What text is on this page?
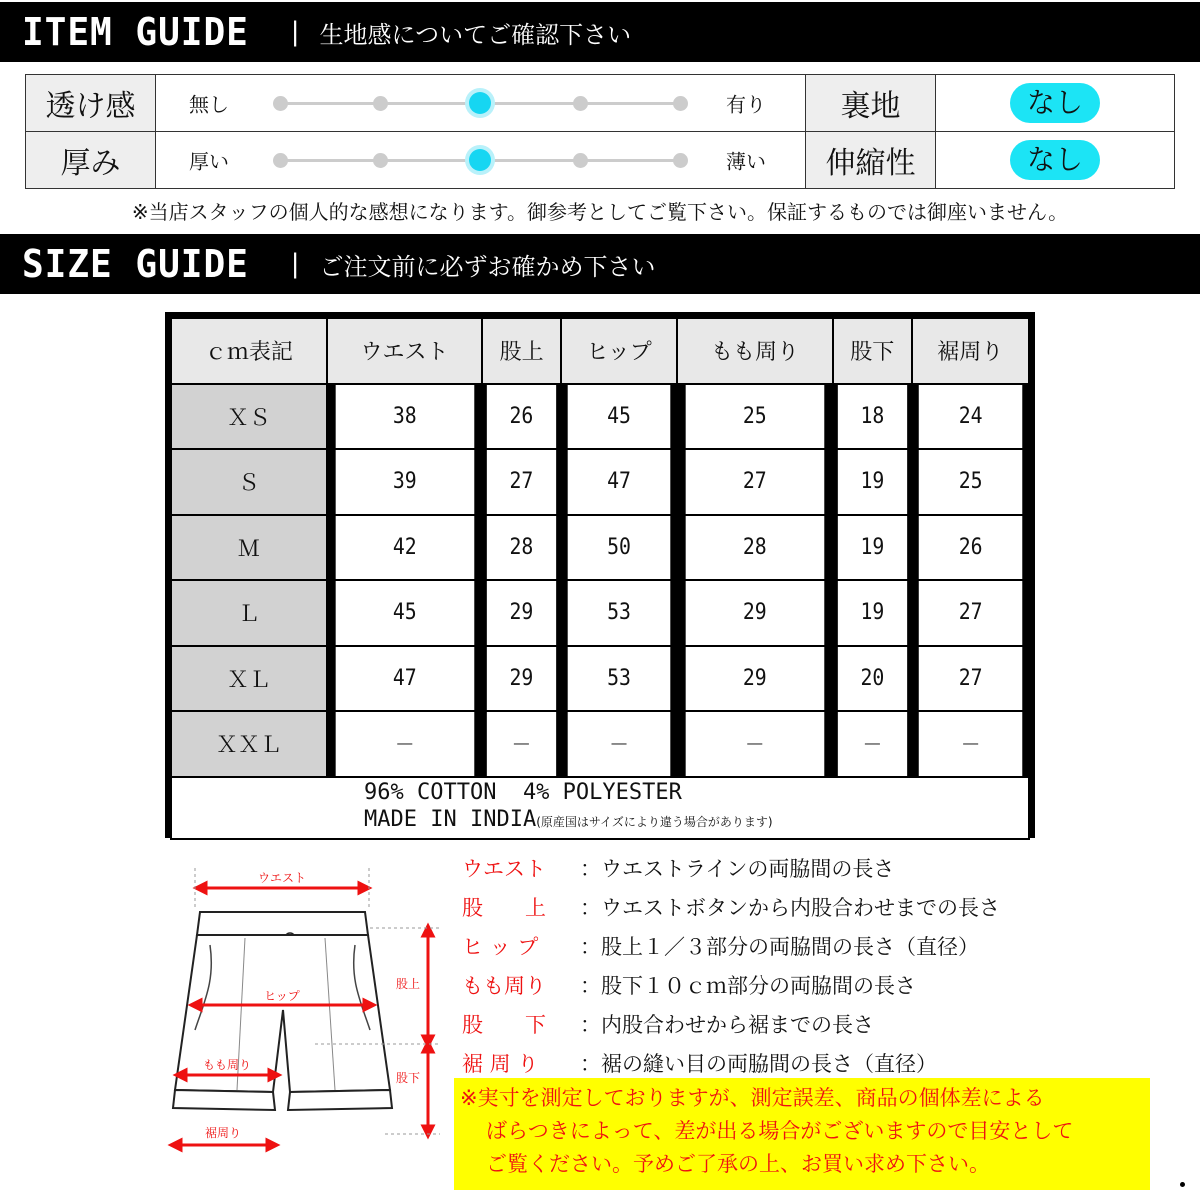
ITEM GUIDE | 生地感についてご確認下さい
透け感	無し 有り	裏地	なし
厚み	厚い 薄い	伸縮性	なし
※当店スタッフの個人的な感想になります。御参考としてご覧下さい。保証するものでは御座いません。
SIZE GUIDE | ご注文前に必ずお確かめ下さい
ｃｍ表記	ウエスト	股上	ヒップ	もも周り	股下	裾周り
ＸＳ	38	26	45	25	18	24
Ｓ	39	27	47	27	19	25
Ｍ	42	28	50	28	19	26
Ｌ	45	29	53	29	19	27
ＸＬ	47	29	53	29	20	27
ＸＸＬ	－	－	－	－	－	－

96% COTTON  4% POLYESTER
MADE IN INDIA(原産国はサイズにより違う場合があります)						
ウエスト
ヒップ
もも周り
裾周り
股上
股下
ウエスト	：ウエストラインの両脇間の長さ
股　　上	：ウエストボタンから内股合わせまでの長さ
ヒ ッ プ	：股上１／３部分の両脇間の長さ（直径）
もも周り	：股下１０ｃｍ部分の両脇間の長さ
股　　下	：内股合わせから裾までの長さ
裾 周 り	：裾の縫い目の両脇間の長さ（直径）
※実寸を測定しておりますが、測定誤差、商品の個体差による
ばらつきによって、差が出る場合がございますので目安として
ご覧ください。予めご了承の上、お買い求め下さい。
